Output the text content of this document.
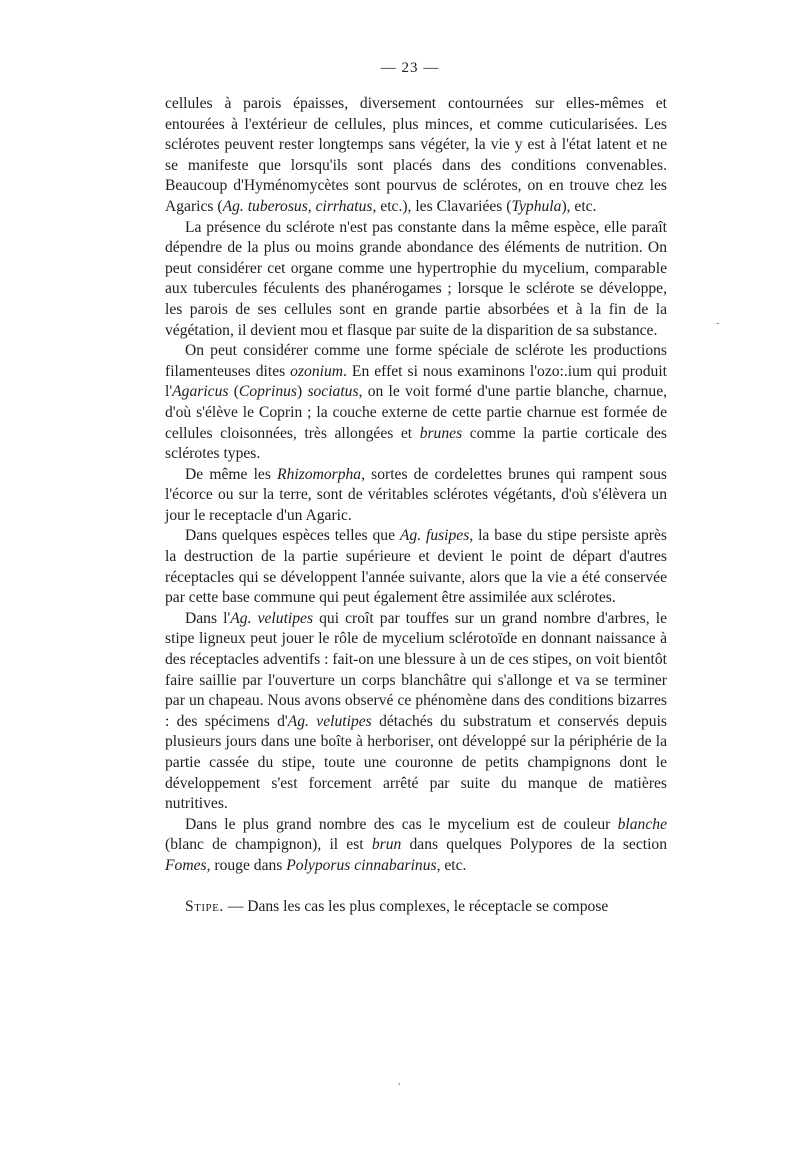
— 23 —

cellules à parois épaisses, diversement contournées sur elles-mêmes et entourées à l'extérieur de cellules, plus minces, et comme cuticularisées. Les sclérotes peuvent rester longtemps sans végéter, la vie y est à l'état latent et ne se manifeste que lorsqu'ils sont placés dans des conditions convenables. Beaucoup d'Hyménomycètes sont pourvus de sclérotes, on en trouve chez les Agarics (Ag. tuberosus, cirrhatus, etc.), les Clavariées (Typhula), etc.

La présence du sclérote n'est pas constante dans la même espèce, elle paraît dépendre de la plus ou moins grande abondance des éléments de nutrition. On peut considérer cet organe comme une hypertrophie du mycelium, comparable aux tubercules féculents des phanérogames ; lorsque le sclérote se développe, les parois de ses cellules sont en grande partie absorbées et à la fin de la végétation, il devient mou et flasque par suite de la disparition de sa substance.

On peut considérer comme une forme spéciale de sclérote les productions filamenteuses dites ozonium. En effet si nous examinons l'ozo:.ium qui produit l'Agaricus (Coprinus) sociatus, on le voit formé d'une partie blanche, charnue, d'où s'élève le Coprin ; la couche externe de cette partie charnue est formée de cellules cloisonnées, très allongées et brunes comme la partie corticale des sclérotes types.

De même les Rhizomorpha, sortes de cordelettes brunes qui rampent sous l'écorce ou sur la terre, sont de véritables sclérotes végétants, d'où s'élèvera un jour le receptacle d'un Agaric.

Dans quelques espèces telles que Ag. fusipes, la base du stipe persiste après la destruction de la partie supérieure et devient le point de départ d'autres réceptacles qui se développent l'année suivante, alors que la vie a été conservée par cette base commune qui peut également être assimilée aux sclérotes.

Dans l'Ag. velutipes qui croît par touffes sur un grand nombre d'arbres, le stipe ligneux peut jouer le rôle de mycelium sclérotoïde en donnant naissance à des réceptacles adventifs : fait-on une blessure à un de ces stipes, on voit bientôt faire saillie par l'ouverture un corps blanchâtre qui s'allonge et va se terminer par un chapeau. Nous avons observé ce phénomène dans des conditions bizarres : des spécimens d'Ag. velutipes détachés du substratum et conservés depuis plusieurs jours dans une boîte à herboriser, ont développé sur la périphérie de la partie cassée du stipe, toute une couronne de petits champignons dont le développement s'est forcement arrêté par suite du manque de matières nutritives.

Dans le plus grand nombre des cas le mycelium est de couleur blanche (blanc de champignon), il est brun dans quelques Polypores de la section Fomes, rouge dans Polyporus cinnabarinus, etc.

Stipe. — Dans les cas les plus complexes, le réceptacle se compose

-
,
